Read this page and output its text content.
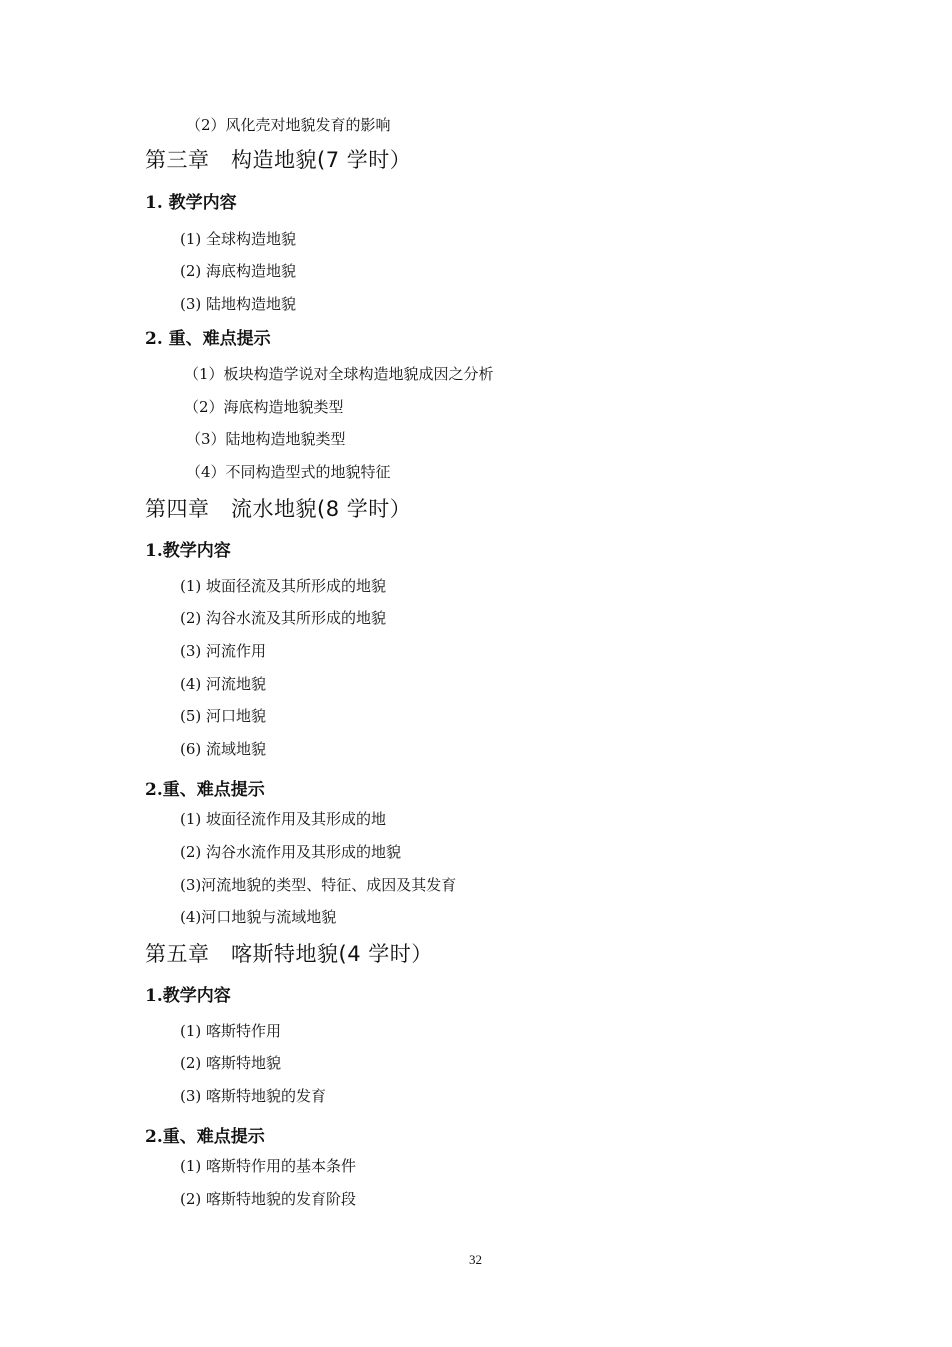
（2）风化壳对地貌发育的影响
第三章　构造地貌(7 学时）
1. 教学内容
(1) 全球构造地貌
(2) 海底构造地貌
(3) 陆地构造地貌
2. 重、难点提示
（1）板块构造学说对全球构造地貌成因之分析
（2）海底构造地貌类型
（3）陆地构造地貌类型
（4）不同构造型式的地貌特征
第四章　流水地貌(8 学时）
1.教学内容
(1) 坡面径流及其所形成的地貌
(2) 沟谷水流及其所形成的地貌
(3) 河流作用
(4) 河流地貌
(5) 河口地貌
(6) 流域地貌
2.重、难点提示
(1) 坡面径流作用及其形成的地
(2) 沟谷水流作用及其形成的地貌
(3)河流地貌的类型、特征、成因及其发育
(4)河口地貌与流域地貌
第五章　喀斯特地貌(4 学时）
1.教学内容
(1) 喀斯特作用
(2) 喀斯特地貌
(3) 喀斯特地貌的发育
2.重、难点提示
(1) 喀斯特作用的基本条件
(2) 喀斯特地貌的发育阶段
32
